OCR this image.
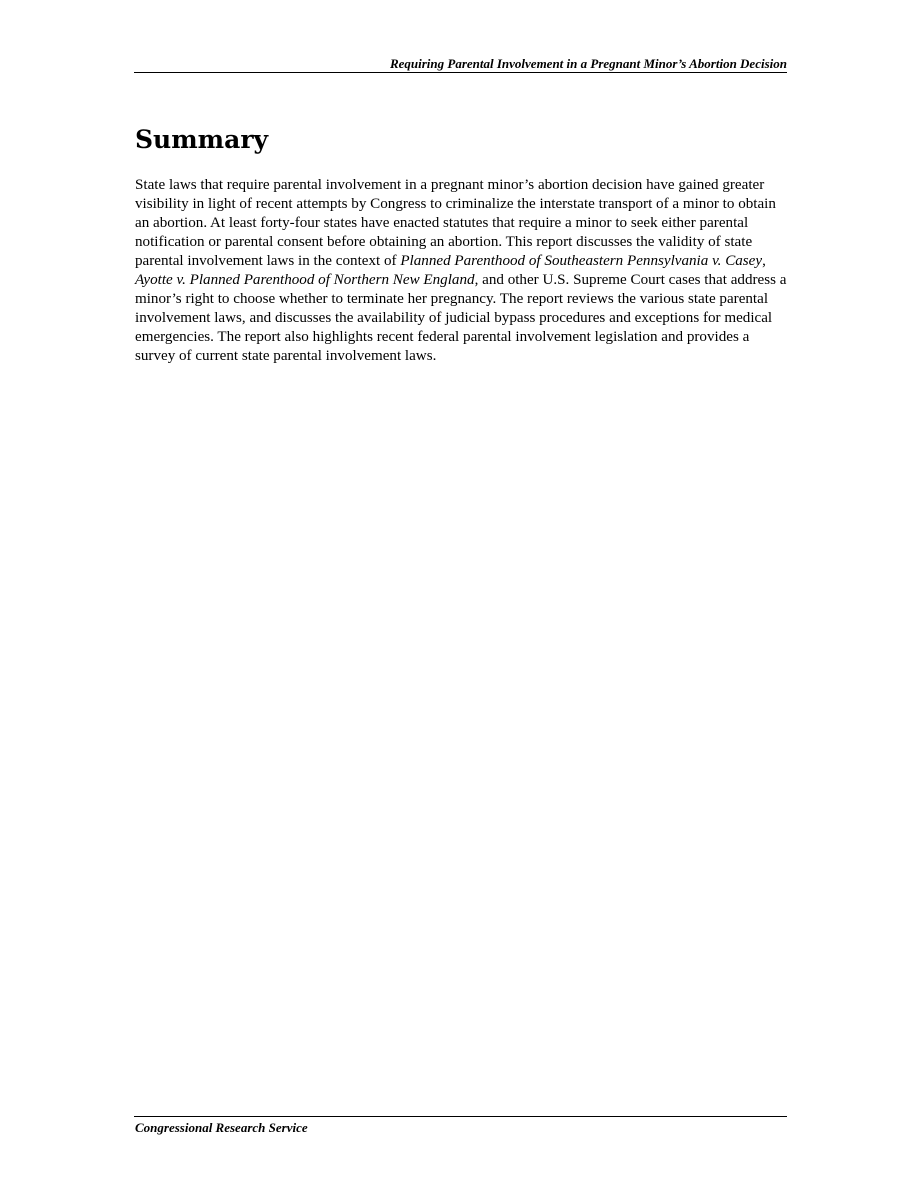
Requiring Parental Involvement in a Pregnant Minor’s Abortion Decision
Summary

State laws that require parental involvement in a pregnant minor’s abortion decision have gained greater visibility in light of recent attempts by Congress to criminalize the interstate transport of a minor to obtain an abortion. At least forty-four states have enacted statutes that require a minor to seek either parental notification or parental consent before obtaining an abortion. This report discusses the validity of state parental involvement laws in the context of Planned Parenthood of Southeastern Pennsylvania v. Casey, Ayotte v. Planned Parenthood of Northern New England, and other U.S. Supreme Court cases that address a minor’s right to choose whether to terminate her pregnancy. The report reviews the various state parental involvement laws, and discusses the availability of judicial bypass procedures and exceptions for medical emergencies. The report also highlights recent federal parental involvement legislation and provides a survey of current state parental involvement laws.

Congressional Research Service
